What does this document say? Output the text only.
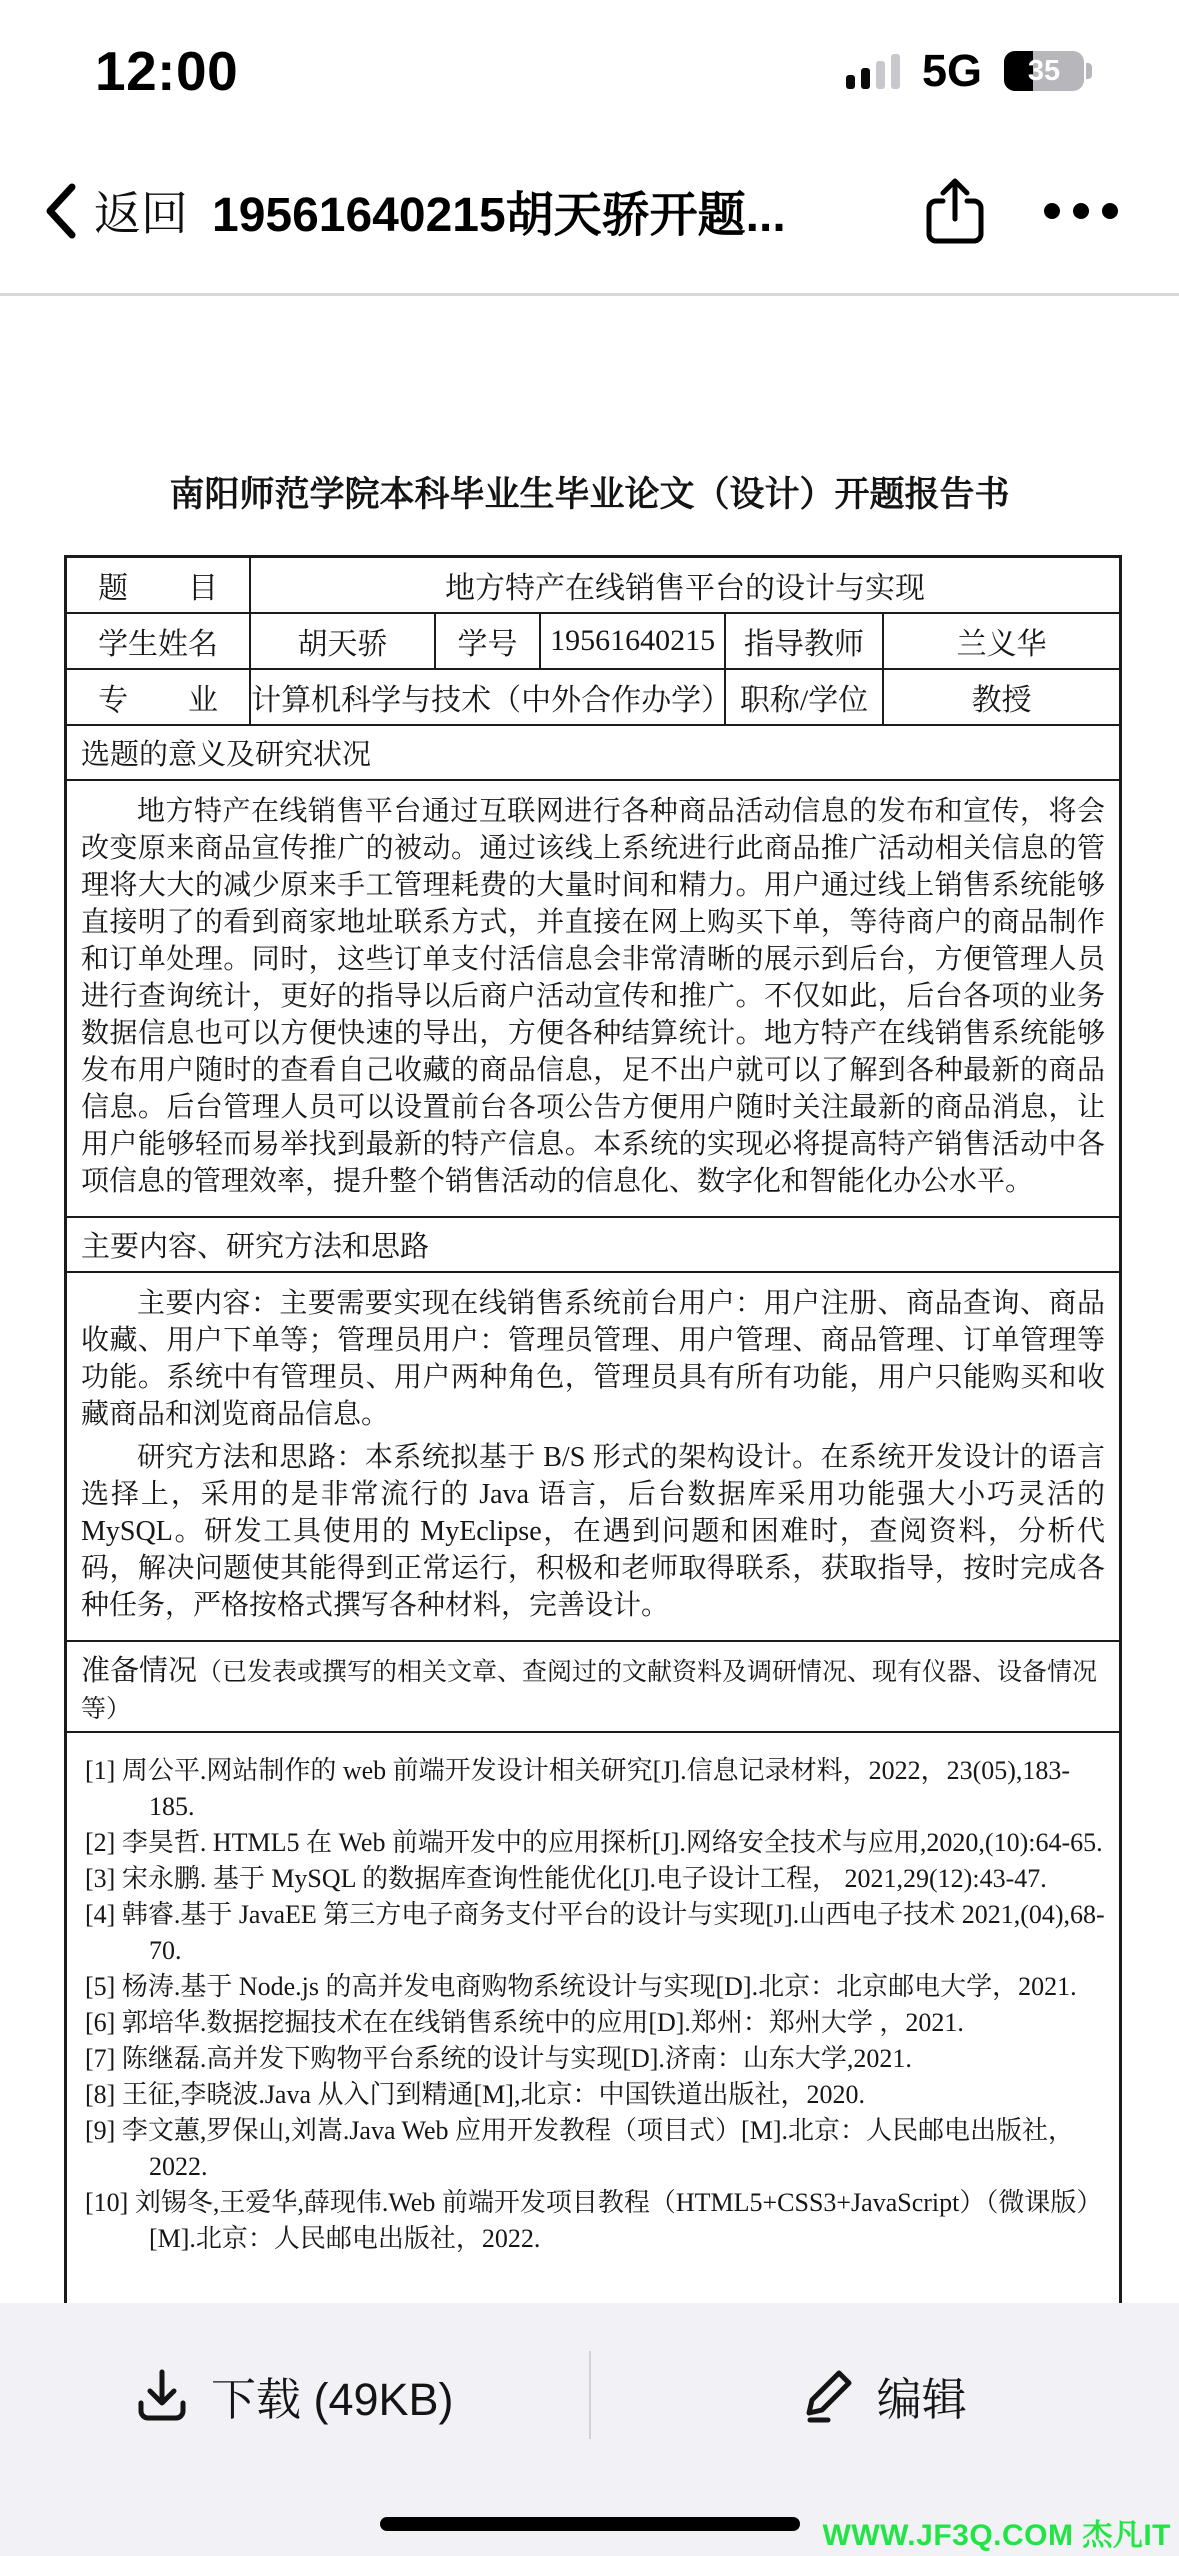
12:00	5G	35
返回 19561640215胡天骄开题...
南阳师范学院本科毕业生毕业论文（设计）开题报告书
题　　目	地方特产在线销售平台的设计与实现				
学生姓名	胡天骄	学号	19561640215	指导教师	兰义华
专　　业	计算机科学与技术（中外合作办学）			职称/学位	教授
选题的意义及研究状况					

地方特产在线销售平台通过互联网进行各种商品活动信息的发布和宣传，将会改变原来商品宣传推广的被动。通过该线上系统进行此商品推广活动相关信息的管理将大大的减少原来手工管理耗费的大量时间和精力。用户通过线上销售系统能够直接明了的看到商家地址联系方式，并直接在网上购买下单，等待商户的商品制作和订单处理。同时，这些订单支付活信息会非常清晰的展示到后台，方便管理人员进行查询统计，更好的指导以后商户活动宣传和推广。不仅如此，后台各项的业务数据信息也可以方便快速的导出，方便各种结算统计。地方特产在线销售系统能够发布用户随时的查看自己收藏的商品信息，足不出户就可以了解到各种最新的商品信息。后台管理人员可以设置前台各项公告方便用户随时关注最新的商品消息，让用户能够轻而易举找到最新的特产信息。本系统的实现必将提高特产销售活动中各项信息的管理效率，提升整个销售活动的信息化、数字化和智能化办公水平。					

主要内容、研究方法和思路					

主要内容：主要需要实现在线销售系统前台用户：用户注册、商品查询、商品收藏、用户下单等；管理员用户：管理员管理、用户管理、商品管理、订单管理等功能。系统中有管理员、用户两种角色，管理员具有所有功能，用户只能购买和收藏商品和浏览商品信息。
研究方法和思路：本系统拟基于 B/S 形式的架构设计。在系统开发设计的语言选择上，采用的是非常流行的 Java 语言，后台数据库采用功能强大小巧灵活的 MySQL。研发工具使用的 MyEclipse，在遇到问题和困难时，查阅资料，分析代码，解决问题使其能得到正常运行，积极和老师取得联系，获取指导，按时完成各种任务，严格按格式撰写各种材料，完善设计。					

准备情况（已发表或撰写的相关文章、查阅过的文献资料及调研情况、现有仪器、设备情况等）					

[1] 周公平.网站制作的 web 前端开发设计相关研究[J].信息记录材料，2022，23(05),183-185.
[2] 李昊哲. HTML5 在 Web 前端开发中的应用探析[J].网络安全技术与应用,2020,(10):64-65.
[3] 宋永鹏. 基于 MySQL 的数据库查询性能优化[J].电子设计工程， 2021,29(12):43-47.
[4] 韩睿.基于 JavaEE 第三方电子商务支付平台的设计与实现[J].山西电子技术 2021,(04),68-70.
[5] 杨涛.基于 Node.js 的高并发电商购物系统设计与实现[D].北京：北京邮电大学，2021.
[6] 郭培华.数据挖掘技术在在线销售系统中的应用[D].郑州：郑州大学 ，2021.
[7] 陈继磊.高并发下购物平台系统的设计与实现[D].济南：山东大学,2021.
[8] 王征,李晓波.Java 从入门到精通[M],北京：中国铁道出版社，2020.
[9] 李文蕙,罗保山,刘嵩.Java Web 应用开发教程（项目式）[M].北京：人民邮电出版社，2022.
[10] 刘锡冬,王爱华,薛现伟.Web 前端开发项目教程（HTML5+CSS3+JavaScript）（微课版）[M].北京：人民邮电出版社，2022.
下载 (49KB)	编辑
WWW.JF3Q.COM 杰凡IT
